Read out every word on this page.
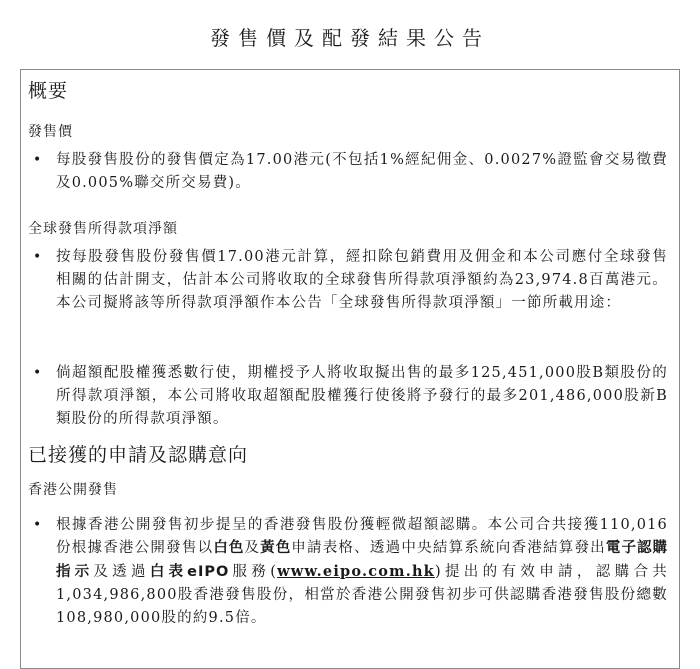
發售價及配發結果公告
概要
發售價
•	每股發售股份的發售價定為17.00港元(不包括1%經紀佣金、0.0027%證監會交易徵費及0.005%聯交所交易費)。
全球發售所得款項淨額
•	按每股發售股份發售價17.00港元計算，經扣除包銷費用及佣金和本公司應付全球發售相關的估計開支，估計本公司將收取的全球發售所得款項淨額約為23,974.8百萬港元。本公司擬將該等所得款項淨額作本公告「全球發售所得款項淨額」一節所載用途：
•	倘超額配股權獲悉數行使，期權授予人將收取擬出售的最多125,451,000股B類股份的所得款項淨額，本公司將收取超額配股權獲行使後將予發行的最多201,486,000股新B類股份的所得款項淨額。
已接獲的申請及認購意向
香港公開發售
•	根據香港公開發售初步提呈的香港發售股份獲輕微超額認購。本公司合共接獲110,016份根據香港公開發售以白色及黃色申請表格、透過中央結算系統向香港結算發出電子認購指示及透過白表eIPO服務(www.eipo.com.hk)提出的有效申請，認購合共1,034,986,800股香港發售股份，相當於香港公開發售初步可供認購香港發售股份總數108,980,000股的約9.5倍。
